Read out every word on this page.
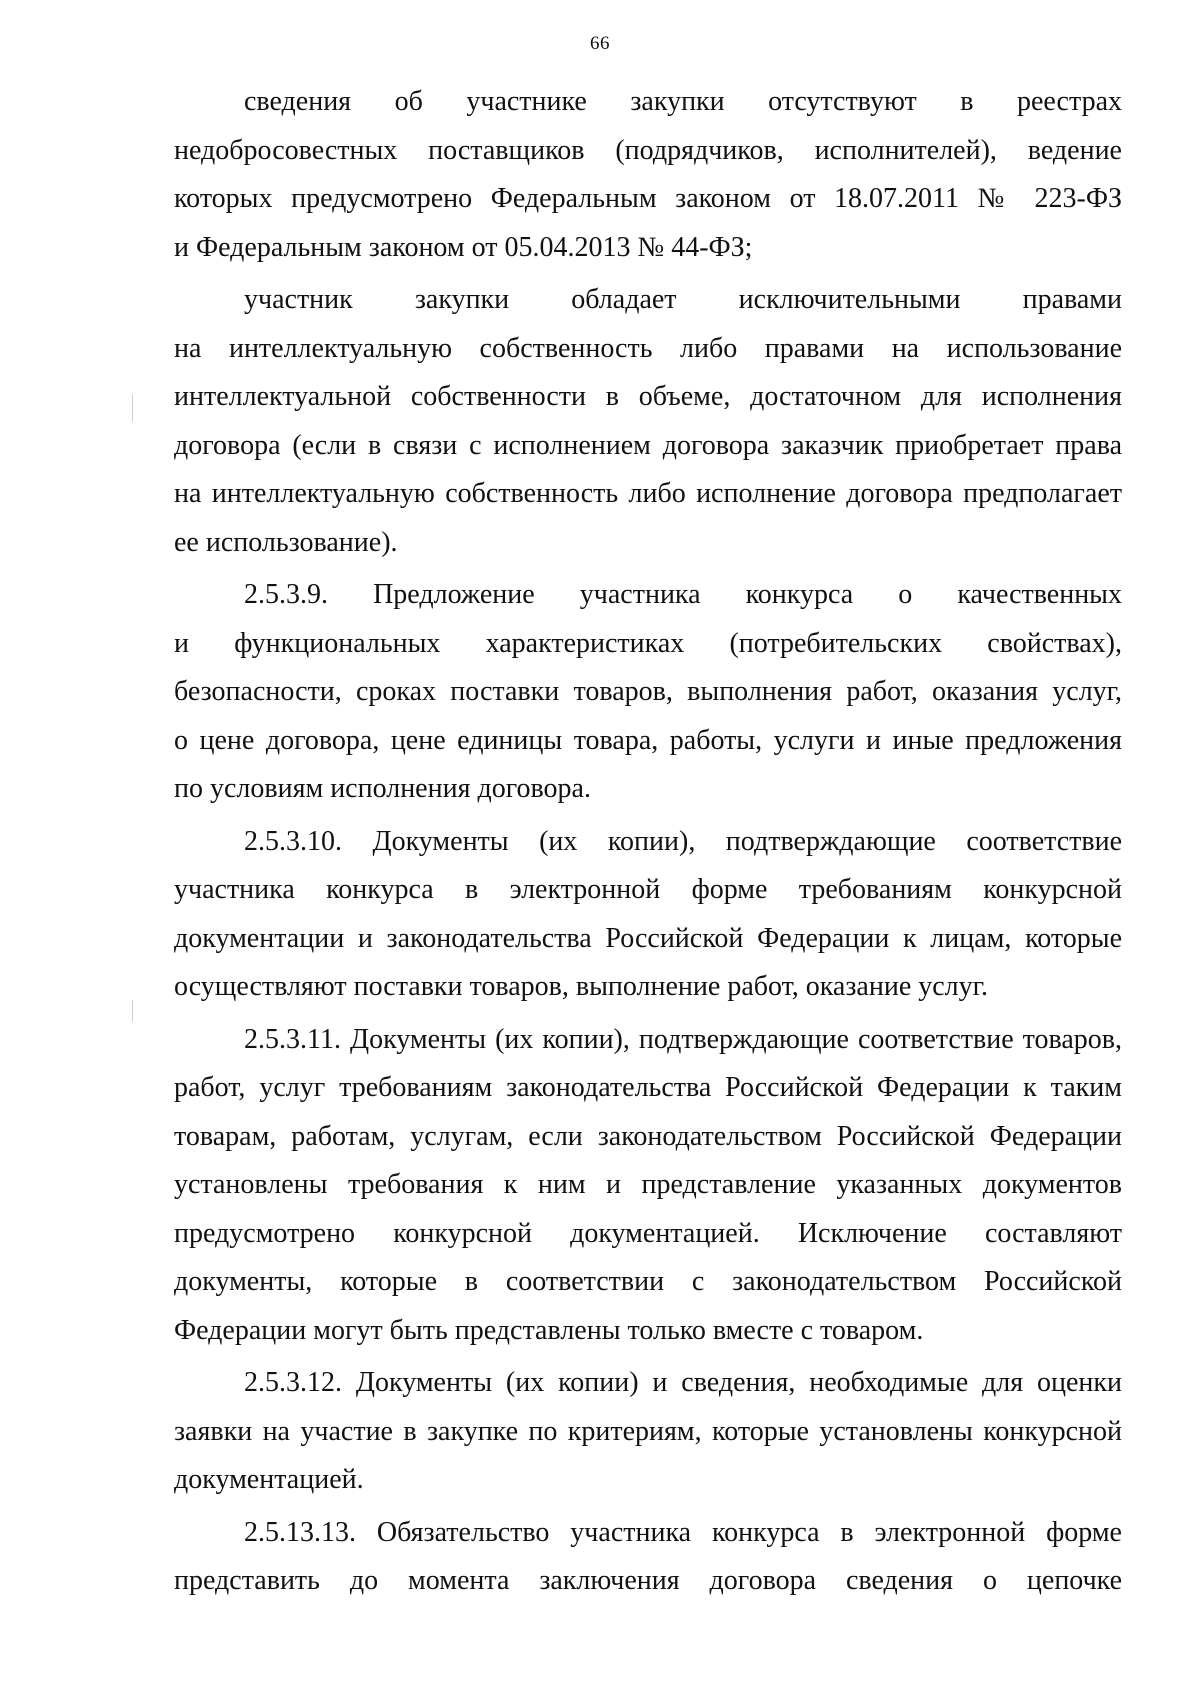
66
сведения об участнике закупки отсутствуют в реестрах
недобросовестных поставщиков (подрядчиков, исполнителей), ведение
которых предусмотрено Федеральным законом от 18.07.2011 № 223-ФЗ
и Федеральным законом от 05.04.2013 № 44-ФЗ;
участник закупки обладает исключительными правами
на интеллектуальную собственность либо правами на использование
интеллектуальной собственности в объеме, достаточном для исполнения
договора (если в связи с исполнением договора заказчик приобретает права
на интеллектуальную собственность либо исполнение договора предполагает
ее использование).
2.5.3.9. Предложение участника конкурса о качественных
и функциональных характеристиках (потребительских свойствах),
безопасности, сроках поставки товаров, выполнения работ, оказания услуг,
о цене договора, цене единицы товара, работы, услуги и иные предложения
по условиям исполнения договора.
2.5.3.10. Документы (их копии), подтверждающие соответствие
участника конкурса в электронной форме требованиям конкурсной
документации и законодательства Российской Федерации к лицам, которые
осуществляют поставки товаров, выполнение работ, оказание услуг.
2.5.3.11. Документы (их копии), подтверждающие соответствие товаров,
работ, услуг требованиям законодательства Российской Федерации к таким
товарам, работам, услугам, если законодательством Российской Федерации
установлены требования к ним и представление указанных документов
предусмотрено конкурсной документацией. Исключение составляют
документы, которые в соответствии с законодательством Российской
Федерации могут быть представлены только вместе с товаром.
2.5.3.12. Документы (их копии) и сведения, необходимые для оценки
заявки на участие в закупке по критериям, которые установлены конкурсной
документацией.
2.5.13.13. Обязательство участника конкурса в электронной форме
представить до момента заключения договора сведения о цепочке
